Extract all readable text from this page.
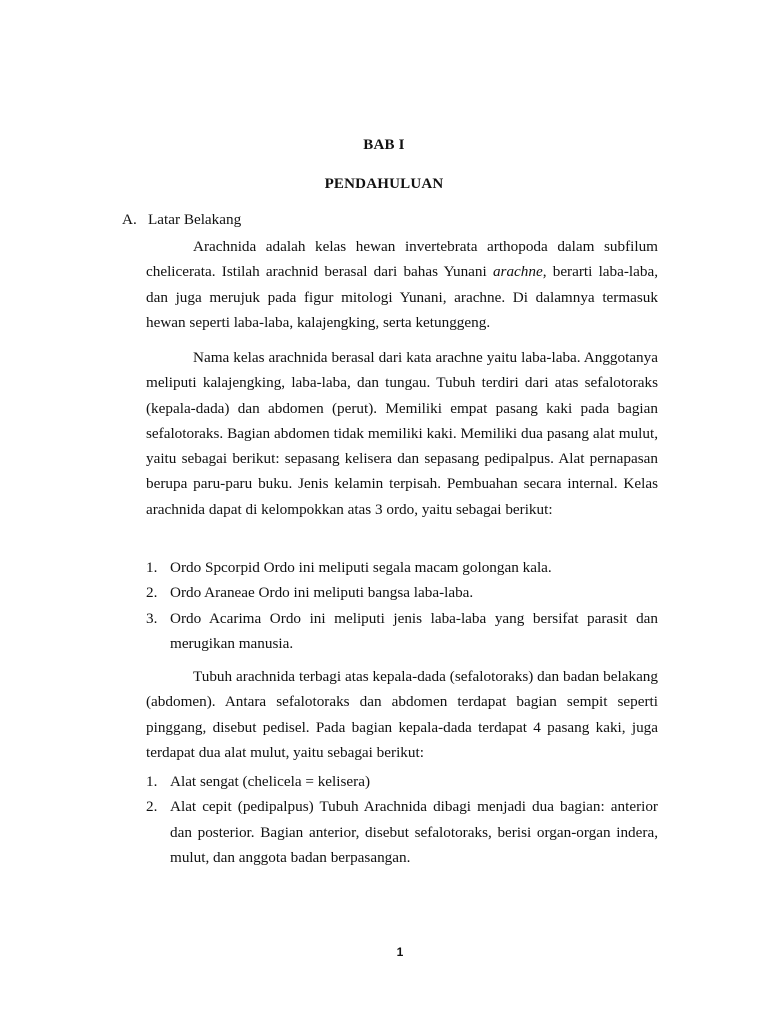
BAB I
PENDAHULUAN
A. Latar Belakang

Arachnida adalah kelas hewan invertebrata arthopoda dalam subfilum chelicerata. Istilah arachnid berasal dari bahas Yunani arachne, berarti laba-laba, dan juga merujuk pada figur mitologi Yunani, arachne. Di dalamnya termasuk hewan seperti laba-laba, kalajengking, serta ketunggeng.

Nama kelas arachnida berasal dari kata arachne yaitu laba-laba. Anggotanya meliputi kalajengking, laba-laba, dan tungau. Tubuh terdiri dari atas sefalotoraks (kepala-dada) dan abdomen (perut). Memiliki empat pasang kaki pada bagian sefalotoraks. Bagian abdomen tidak memiliki kaki. Memiliki dua pasang alat mulut, yaitu sebagai berikut: sepasang kelisera dan sepasang pedipalpus. Alat pernapasan berupa paru-paru buku. Jenis kelamin terpisah. Pembuahan secara internal. Kelas arachnida dapat di kelompokkan atas 3 ordo, yaitu sebagai berikut:

1. Ordo Spcorpid Ordo ini meliputi segala macam golongan kala.
2. Ordo Araneae Ordo ini meliputi bangsa laba-laba.
3. Ordo Acarima Ordo ini meliputi jenis laba-laba yang bersifat parasit dan merugikan manusia.

Tubuh arachnida terbagi atas kepala-dada (sefalotoraks) dan badan belakang (abdomen). Antara sefalotoraks dan abdomen terdapat bagian sempit seperti pinggang, disebut pedisel. Pada bagian kepala-dada terdapat 4 pasang kaki, juga terdapat dua alat mulut, yaitu sebagai berikut:

1. Alat sengat (chelicela = kelisera)
2. Alat cepit (pedipalpus) Tubuh Arachnida dibagi menjadi dua bagian: anterior dan posterior. Bagian anterior, disebut sefalotoraks, berisi organ-organ indera, mulut, dan anggota badan berpasangan.
1
